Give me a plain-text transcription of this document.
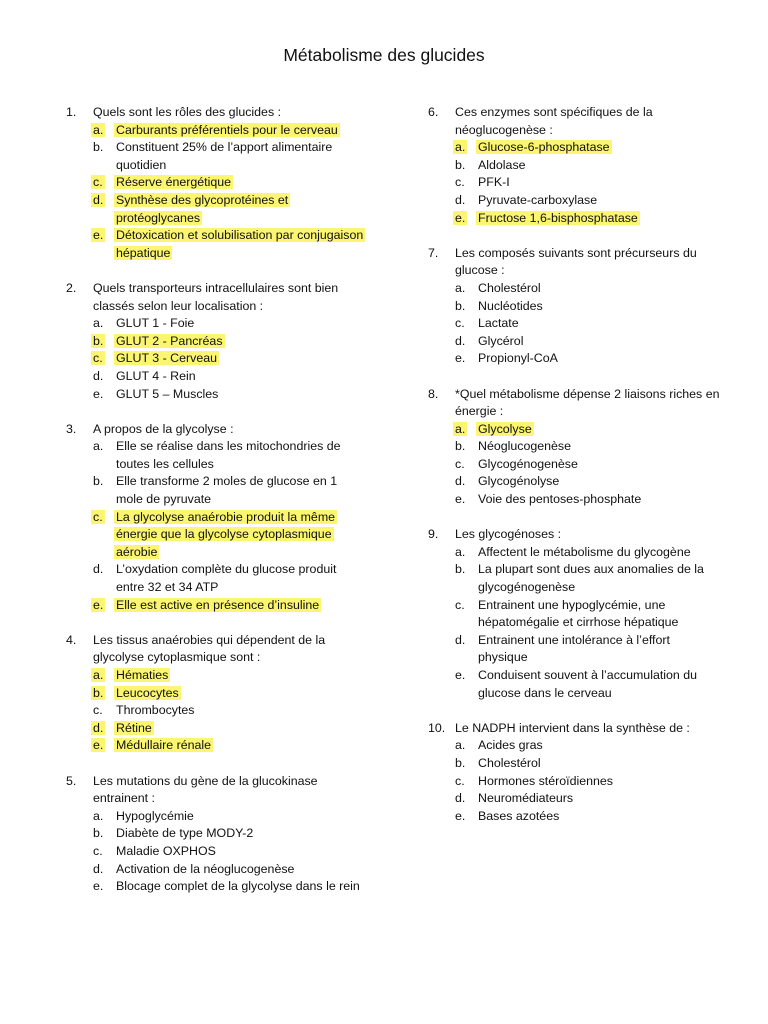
Métabolisme des glucides
1.	Quels sont les rôles des glucides :
a.	Carburants préférentiels pour le cerveau
b.	Constituent 25% de l’apport alimentaire quotidien
c.	Réserve énergétique
d.	Synthèse des glycoprotéines et protéoglycanes
e.	Détoxication et solubilisation par conjugaison hépatique
2.	Quels transporteurs intracellulaires sont bien classés selon leur localisation :
a.	GLUT 1 - Foie
b.	GLUT 2 - Pancréas
c.	GLUT 3 - Cerveau
d.	GLUT 4 - Rein
e.	GLUT 5 – Muscles
3.	A propos de la glycolyse :
a.	Elle se réalise dans les mitochondries de toutes les cellules
b.	Elle transforme 2 moles de glucose en 1 mole de pyruvate
c.	La glycolyse anaérobie produit la même énergie que la glycolyse cytoplasmique aérobie
d.	L’oxydation complète du glucose produit entre 32 et 34 ATP
e.	Elle est active en présence d’insuline
4.	Les tissus anaérobies qui dépendent de la glycolyse cytoplasmique sont :
a.	Hématies
b.	Leucocytes
c.	Thrombocytes
d.	Rétine
e.	Médullaire rénale
5.	Les mutations du gène de la glucokinase entrainent :
a.	Hypoglycémie
b.	Diabète de type MODY-2
c.	Maladie OXPHOS
d.	Activation de la néoglucogenèse
e.	Blocage complet de la glycolyse dans le rein
6.	Ces enzymes sont spécifiques de la néoglucogenèse :
a.	Glucose-6-phosphatase
b.	Aldolase
c.	PFK-I
d.	Pyruvate-carboxylase
e.	Fructose 1,6-bisphosphatase
7.	Les composés suivants sont précurseurs du glucose :
a.	Cholestérol
b.	Nucléotides
c.	Lactate
d.	Glycérol
e.	Propionyl-CoA
8.	*Quel métabolisme dépense 2 liaisons riches en énergie :
a.	Glycolyse
b.	Néoglucogenèse
c.	Glycogénogenèse
d.	Glycogénolyse
e.	Voie des pentoses-phosphate
9.	Les glycogénoses :
a.	Affectent le métabolisme du glycogène
b.	La plupart sont dues aux anomalies de la glycogénogenèse
c.	Entrainent une hypoglycémie, une hépatomégalie et cirrhose hépatique
d.	Entrainent une intolérance à l’effort physique
e.	Conduisent souvent à l’accumulation du glucose dans le cerveau
10. Le NADPH intervient dans la synthèse de :
a.	Acides gras
b.	Cholestérol
c.	Hormones stéroïdiennes
d.	Neuromédiateurs
e.	Bases azotées
